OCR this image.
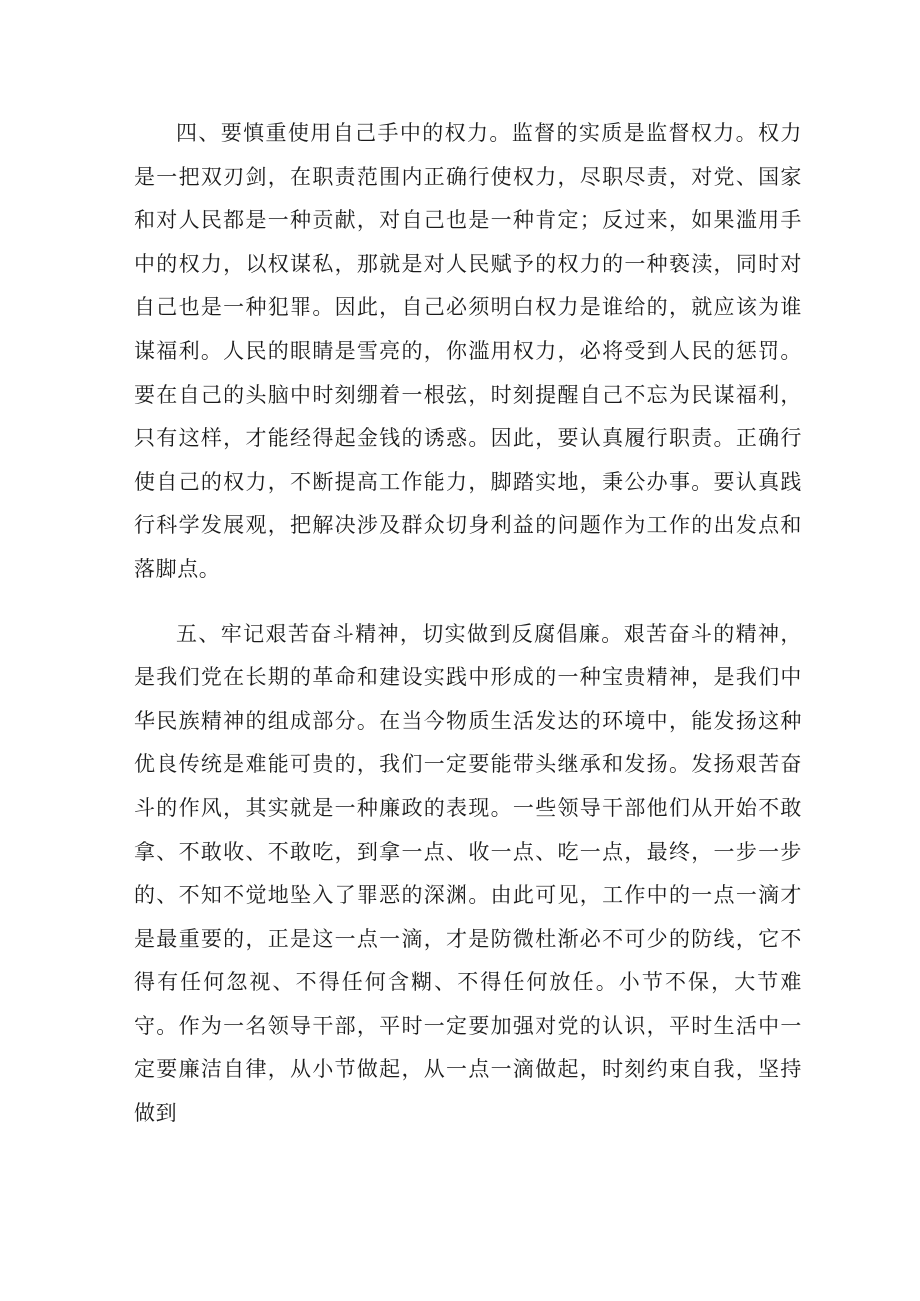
四、要慎重使用自己手中的权力。监督的实质是监督权力。权力是一把双刃剑，在职责范围内正确行使权力，尽职尽责，对党、国家和对人民都是一种贡献，对自己也是一种肯定；反过来，如果滥用手中的权力，以权谋私，那就是对人民赋予的权力的一种亵渎，同时对自己也是一种犯罪。因此，自己必须明白权力是谁给的，就应该为谁谋福利。人民的眼睛是雪亮的，你滥用权力，必将受到人民的惩罚。要在自己的头脑中时刻绷着一根弦，时刻提醒自己不忘为民谋福利，只有这样，才能经得起金钱的诱惑。因此，要认真履行职责。正确行使自己的权力，不断提高工作能力，脚踏实地，秉公办事。要认真践行科学发展观，把解决涉及群众切身利益的问题作为工作的出发点和落脚点。

五、牢记艰苦奋斗精神，切实做到反腐倡廉。艰苦奋斗的精神，是我们党在长期的革命和建设实践中形成的一种宝贵精神，是我们中华民族精神的组成部分。在当今物质生活发达的环境中，能发扬这种优良传统是难能可贵的，我们一定要能带头继承和发扬。发扬艰苦奋斗的作风，其实就是一种廉政的表现。一些领导干部他们从开始不敢拿、不敢收、不敢吃，到拿一点、收一点、吃一点，最终，一步一步的、不知不觉地坠入了罪恶的深渊。由此可见，工作中的一点一滴才是最重要的，正是这一点一滴，才是防微杜渐必不可少的防线，它不得有任何忽视、不得任何含糊、不得任何放任。小节不保，大节难守。作为一名领导干部，平时一定要加强对党的认识，平时生活中一定要廉洁自律，从小节做起，从一点一滴做起，时刻约束自我，坚持做到
